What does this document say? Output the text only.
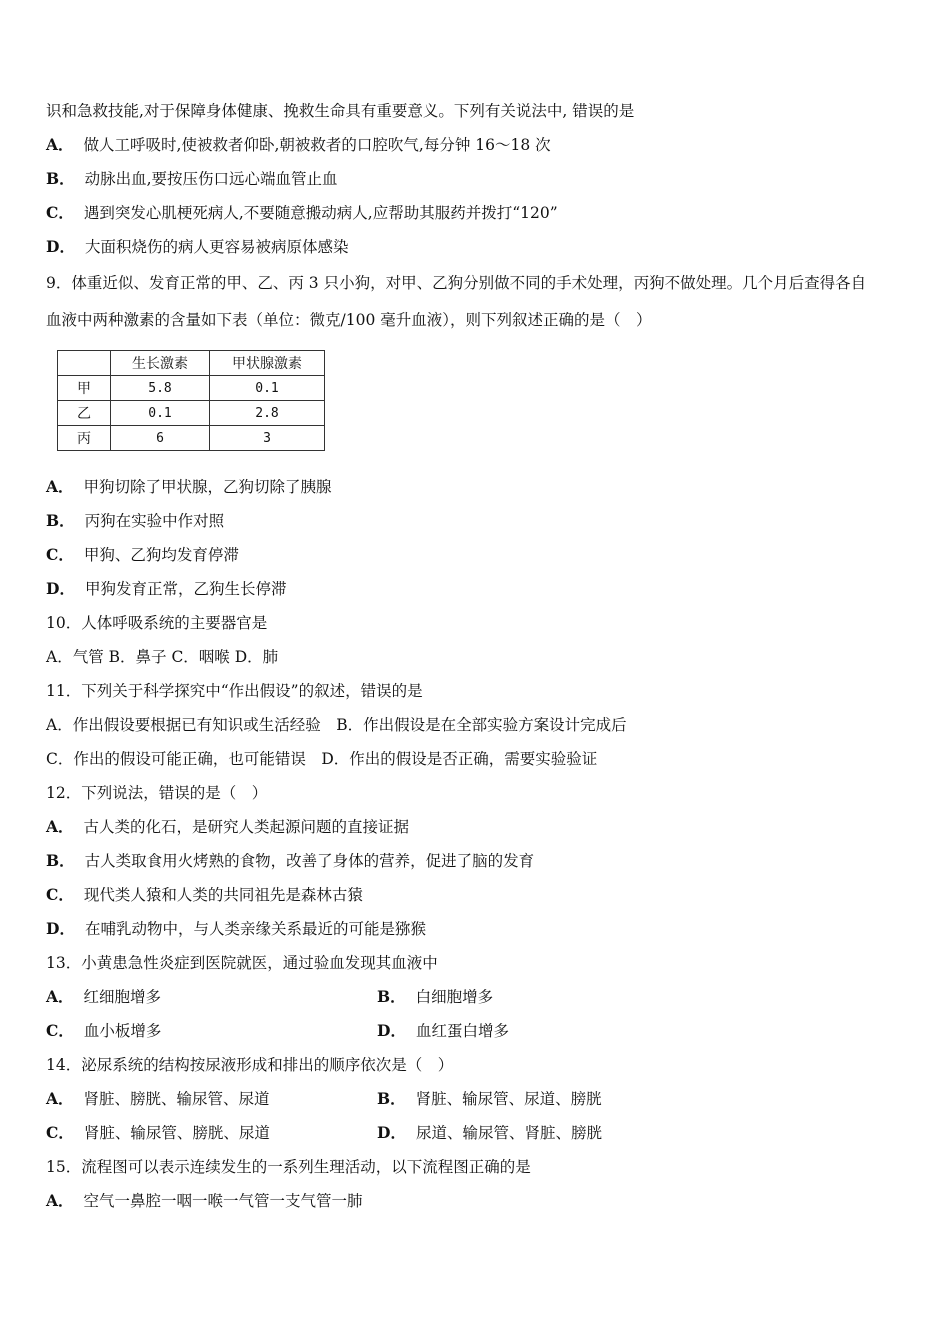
识和急救技能,对于保障身体健康、挽救生命具有重要意义。下列有关说法中, 错误的是
A． 做人工呼吸时,使被救者仰卧,朝被救者的口腔吹气,每分钟 16～18 次
B． 动脉出血,要按压伤口远心端血管止血
C． 遇到突发心肌梗死病人,不要随意搬动病人,应帮助其服药并拨打“120”
D． 大面积烧伤的病人更容易被病原体感染
9．体重近似、发育正常的甲、乙、丙 3 只小狗，对甲、乙狗分别做不同的手术处理，丙狗不做处理。几个月后查得各自
血液中两种激素的含量如下表（单位：微克/100 毫升血液），则下列叙述正确的是（　）
	生长激素	甲状腺激素
甲	5.8	0.1
乙	0.1	2.8
丙	6	3
A． 甲狗切除了甲状腺，乙狗切除了胰腺
B． 丙狗在实验中作对照
C． 甲狗、乙狗均发育停滞
D． 甲狗发育正常，乙狗生长停滞
10．人体呼吸系统的主要器官是
A．气管 B．鼻子 C．咽喉 D．肺
11．下列关于科学探究中“作出假设”的叙述，错误的是
A．作出假设要根据已有知识或生活经验　B．作出假设是在全部实验方案设计完成后
C．作出的假设可能正确，也可能错误　D．作出的假设是否正确，需要实验验证
12．下列说法，错误的是（　）
A． 古人类的化石，是研究人类起源问题的直接证据
B． 古人类取食用火烤熟的食物，改善了身体的营养，促进了脑的发育
C． 现代类人猿和人类的共同祖先是森林古猿
D． 在哺乳动物中，与人类亲缘关系最近的可能是猕猴
13．小黄患急性炎症到医院就医，通过验血发现其血液中
A． 红细胞增多	B． 白细胞增多
C． 血小板增多	D． 血红蛋白增多
14．泌尿系统的结构按尿液形成和排出的顺序依次是（　）
A． 肾脏、膀胱、输尿管、尿道	B． 肾脏、输尿管、尿道、膀胱
C． 肾脏、输尿管、膀胱、尿道	D． 尿道、输尿管、肾脏、膀胱
15．流程图可以表示连续发生的一系列生理活动，以下流程图正确的是
A． 空气一鼻腔一咽一喉一气管一支气管一肺
